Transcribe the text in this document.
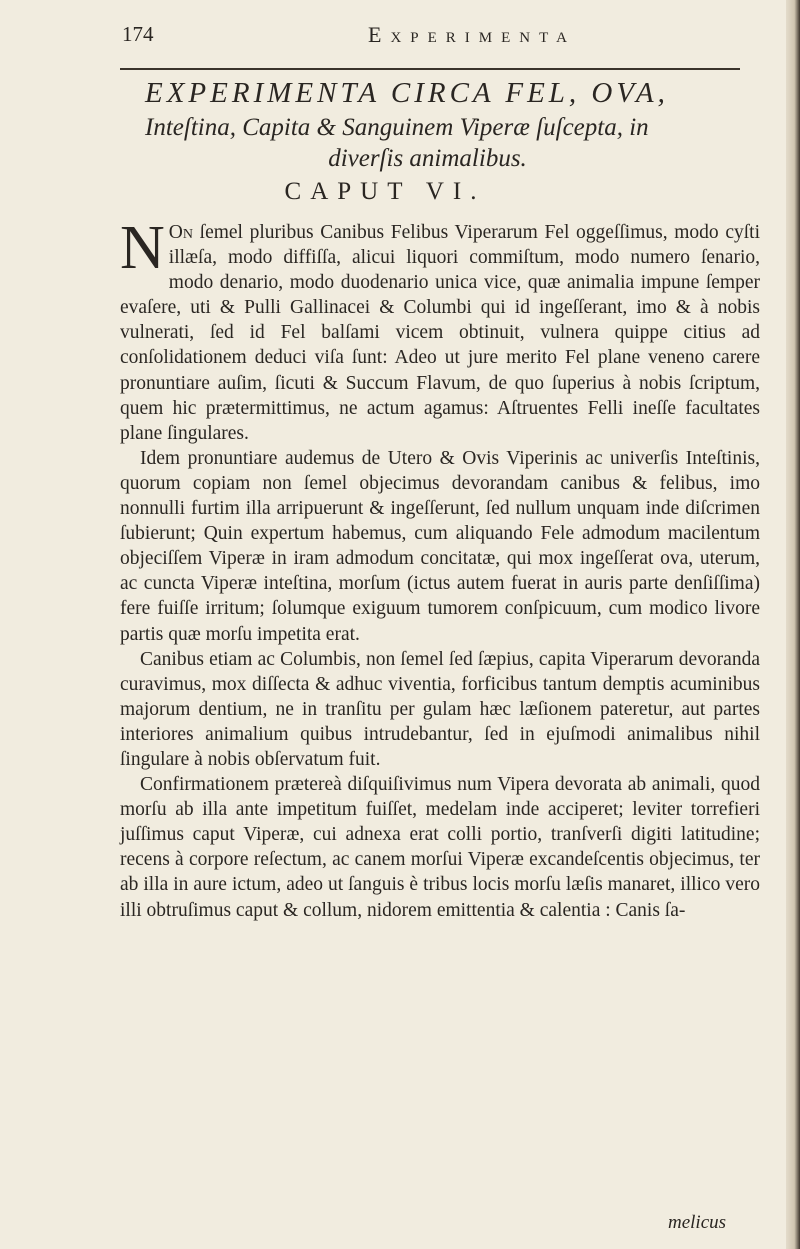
174	Experimenta
EXPERIMENTA CIRCA FEL, OVA,
Inteſtina, Capita & Sanguinem Viperæ ſuſcepta, in
diverſis animalibus.
CAPUT VI.

N On ſemel pluribus Canibus Felibus Viperarum Fel oggeſſimus, modo cyſti illæſa, modo diffiſſa, alicui liquori commiſtum, modo numero ſenario, modo denario, modo duodenario unica vice, quæ animalia impune ſemper evaſere, uti & Pulli Gallinacei & Columbi qui id ingeſſerant, imo & à nobis vulnerati, ſed id Fel balſami vicem obtinuit, vulnera quippe citius ad conſolidationem deduci viſa ſunt: Adeo ut jure merito Fel plane veneno carere pronuntiare auſim, ſicuti & Succum Flavum, de quo ſuperius à nobis ſcriptum, quem hic prætermittimus, ne actum agamus: Aſtruentes Felli ineſſe facultates plane ſingulares.

Idem pronuntiare audemus de Utero & Ovis Viperinis ac univerſis Inteſtinis, quorum copiam non ſemel objecimus devorandam canibus & felibus, imo nonnulli furtim illa arripuerunt & ingeſſerunt, ſed nullum unquam inde diſcrimen ſubierunt; Quin expertum habemus, cum aliquando Fele admodum macilentum objeciſſem Viperæ in iram admodum concitatæ, qui mox ingeſſerat ova, uterum, ac cuncta Viperæ inteſtina, morſum (ictus autem fuerat in auris parte denſiſſima) fere fuiſſe irritum; ſolumque exiguum tumorem conſpicuum, cum modico livore partis quæ morſu impetita erat.

Canibus etiam ac Columbis, non ſemel ſed ſæpius, capita Viperarum devoranda curavimus, mox diſſecta & adhuc viventia, forficibus tantum demptis acuminibus majorum dentium, ne in tranſitu per gulam hæc læſionem pateretur, aut partes interiores animalium quibus intrudebantur, ſed in ejuſmodi animalibus nihil ſingulare à nobis obſervatum fuit.

Confirmationem prætereà diſquiſivimus num Vipera devorata ab animali, quod morſu ab illa ante impetitum fuiſſet, medelam inde acciperet; leviter torrefieri juſſimus caput Viperæ, cui adnexa erat colli portio, tranſverſi digiti latitudine; recens à corpore reſectum, ac canem morſui Viperæ excandeſcentis objecimus, ter ab illa in aure ictum, adeo ut ſanguis è tribus locis morſu læſis manaret, illico vero illi obtruſimus caput & collum, nidorem emittentia & calentia : Canis ſa-

melicus
